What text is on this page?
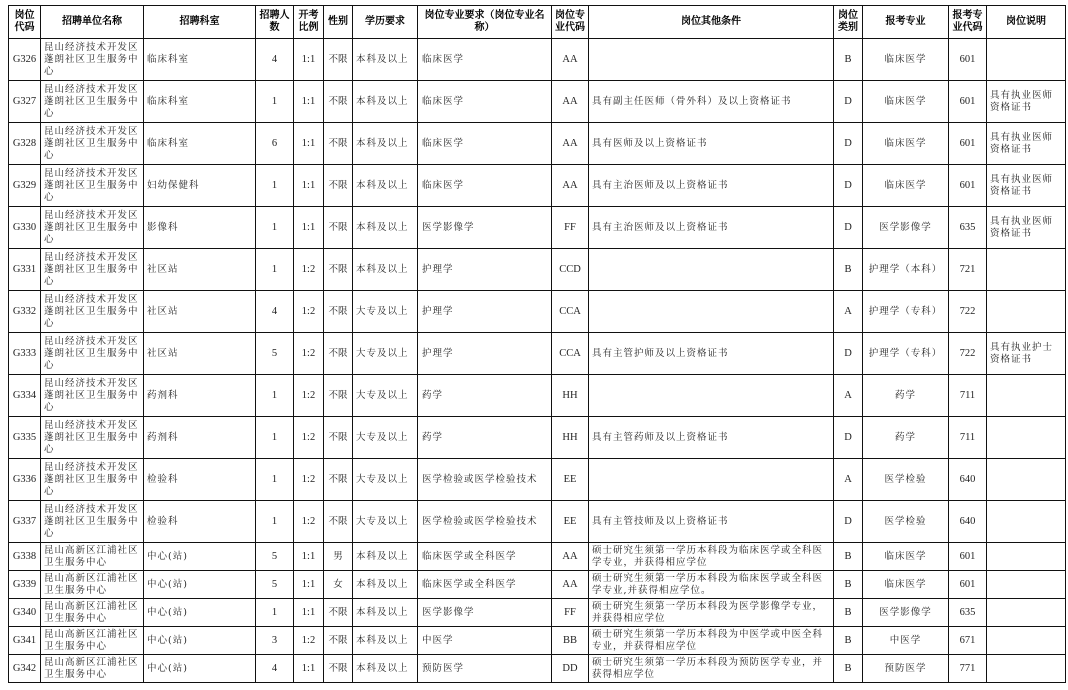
岗位代码	招聘单位名称	招聘科室	招聘人数	开考比例	性别	学历要求	岗位专业要求（岗位专业名称）	岗位专业代码	岗位其他条件	岗位类别	报考专业	报考专业代码	岗位说明
G326	昆山经济技术开发区蓬朗社区卫生服务中心	临床科室	4	1:1	不限	本科及以上	临床医学	AA		B	临床医学	601	
G327	昆山经济技术开发区蓬朗社区卫生服务中心	临床科室	1	1:1	不限	本科及以上	临床医学	AA	具有副主任医师（骨外科）及以上资格证书	D	临床医学	601	具有执业医师资格证书
G328	昆山经济技术开发区蓬朗社区卫生服务中心	临床科室	6	1:1	不限	本科及以上	临床医学	AA	具有医师及以上资格证书	D	临床医学	601	具有执业医师资格证书
G329	昆山经济技术开发区蓬朗社区卫生服务中心	妇幼保健科	1	1:1	不限	本科及以上	临床医学	AA	具有主治医师及以上资格证书	D	临床医学	601	具有执业医师资格证书
G330	昆山经济技术开发区蓬朗社区卫生服务中心	影像科	1	1:1	不限	本科及以上	医学影像学	FF	具有主治医师及以上资格证书	D	医学影像学	635	具有执业医师资格证书
G331	昆山经济技术开发区蓬朗社区卫生服务中心	社区站	1	1:2	不限	本科及以上	护理学	CCD		B	护理学（本科）	721	
G332	昆山经济技术开发区蓬朗社区卫生服务中心	社区站	4	1:2	不限	大专及以上	护理学	CCA		A	护理学（专科）	722	
G333	昆山经济技术开发区蓬朗社区卫生服务中心	社区站	5	1:2	不限	大专及以上	护理学	CCA	具有主管护师及以上资格证书	D	护理学（专科）	722	具有执业护士资格证书
G334	昆山经济技术开发区蓬朗社区卫生服务中心	药剂科	1	1:2	不限	大专及以上	药学	HH		A	药学	711	
G335	昆山经济技术开发区蓬朗社区卫生服务中心	药剂科	1	1:2	不限	大专及以上	药学	HH	具有主管药师及以上资格证书	D	药学	711	
G336	昆山经济技术开发区蓬朗社区卫生服务中心	检验科	1	1:2	不限	大专及以上	医学检验或医学检验技术	EE		A	医学检验	640	
G337	昆山经济技术开发区蓬朗社区卫生服务中心	检验科	1	1:2	不限	大专及以上	医学检验或医学检验技术	EE	具有主管技师及以上资格证书	D	医学检验	640	
G338	昆山高新区江浦社区卫生服务中心	中心(站)	5	1:1	男	本科及以上	临床医学或全科医学	AA	硕士研究生须第一学历本科段为临床医学或全科医学专业，并获得相应学位	B	临床医学	601	
G339	昆山高新区江浦社区卫生服务中心	中心(站)	5	1:1	女	本科及以上	临床医学或全科医学	AA	硕士研究生须第一学历本科段为临床医学或全科医学专业,并获得相应学位。	B	临床医学	601	
G340	昆山高新区江浦社区卫生服务中心	中心(站)	1	1:1	不限	本科及以上	医学影像学	FF	硕士研究生须第一学历本科段为医学影像学专业，并获得相应学位	B	医学影像学	635	
G341	昆山高新区江浦社区卫生服务中心	中心(站)	3	1:2	不限	本科及以上	中医学	BB	硕士研究生须第一学历本科段为中医学或中医全科专业，并获得相应学位	B	中医学	671	
G342	昆山高新区江浦社区卫生服务中心	中心(站)	4	1:1	不限	本科及以上	预防医学	DD	硕士研究生须第一学历本科段为预防医学专业，并获得相应学位	B	预防医学	771	
